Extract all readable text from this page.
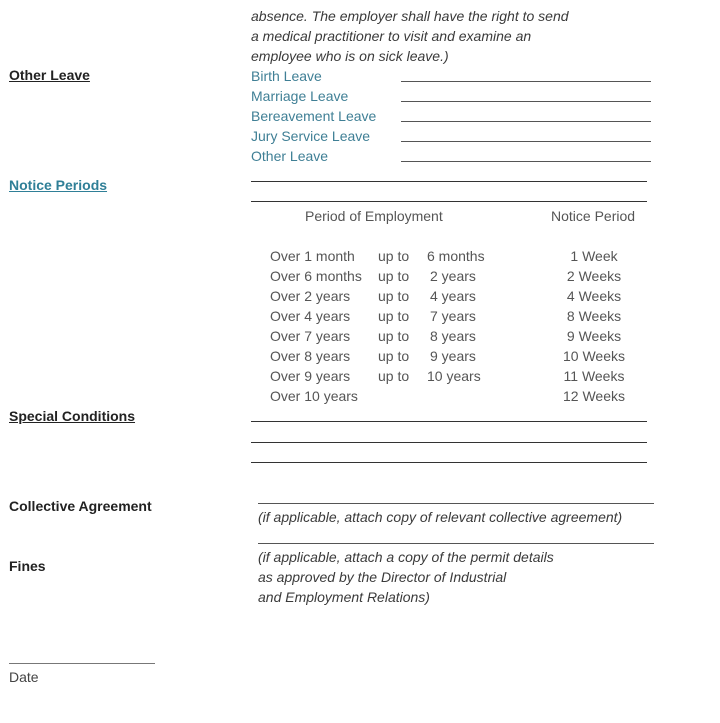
absence. The employer shall have the right to send
a medical practitioner to visit and examine an
employee who is on sick leave.)
Other Leave	Birth Leave
Marriage Leave
Bereavement Leave
Jury Service Leave
Other Leave
Notice Periods
Period of Employment	Notice Period
Over 1 month up to 6 months	1 Week
Over 6 months up to 2 years	2 Weeks
Over 2 years up to 4 years	4 Weeks
Over 4 years up to 7 years	8 Weeks
Over 7 years up to 8 years	9 Weeks
Over 8 years up to 9 years	10 Weeks
Over 9 years up to 10 years	11 Weeks
Over 10 years	12 Weeks
Special Conditions
Collective Agreement
(if applicable, attach copy of relevant collective agreement)
Fines
(if applicable, attach a copy of the permit details
as approved by the Director of Industrial
and Employment Relations)
Date
